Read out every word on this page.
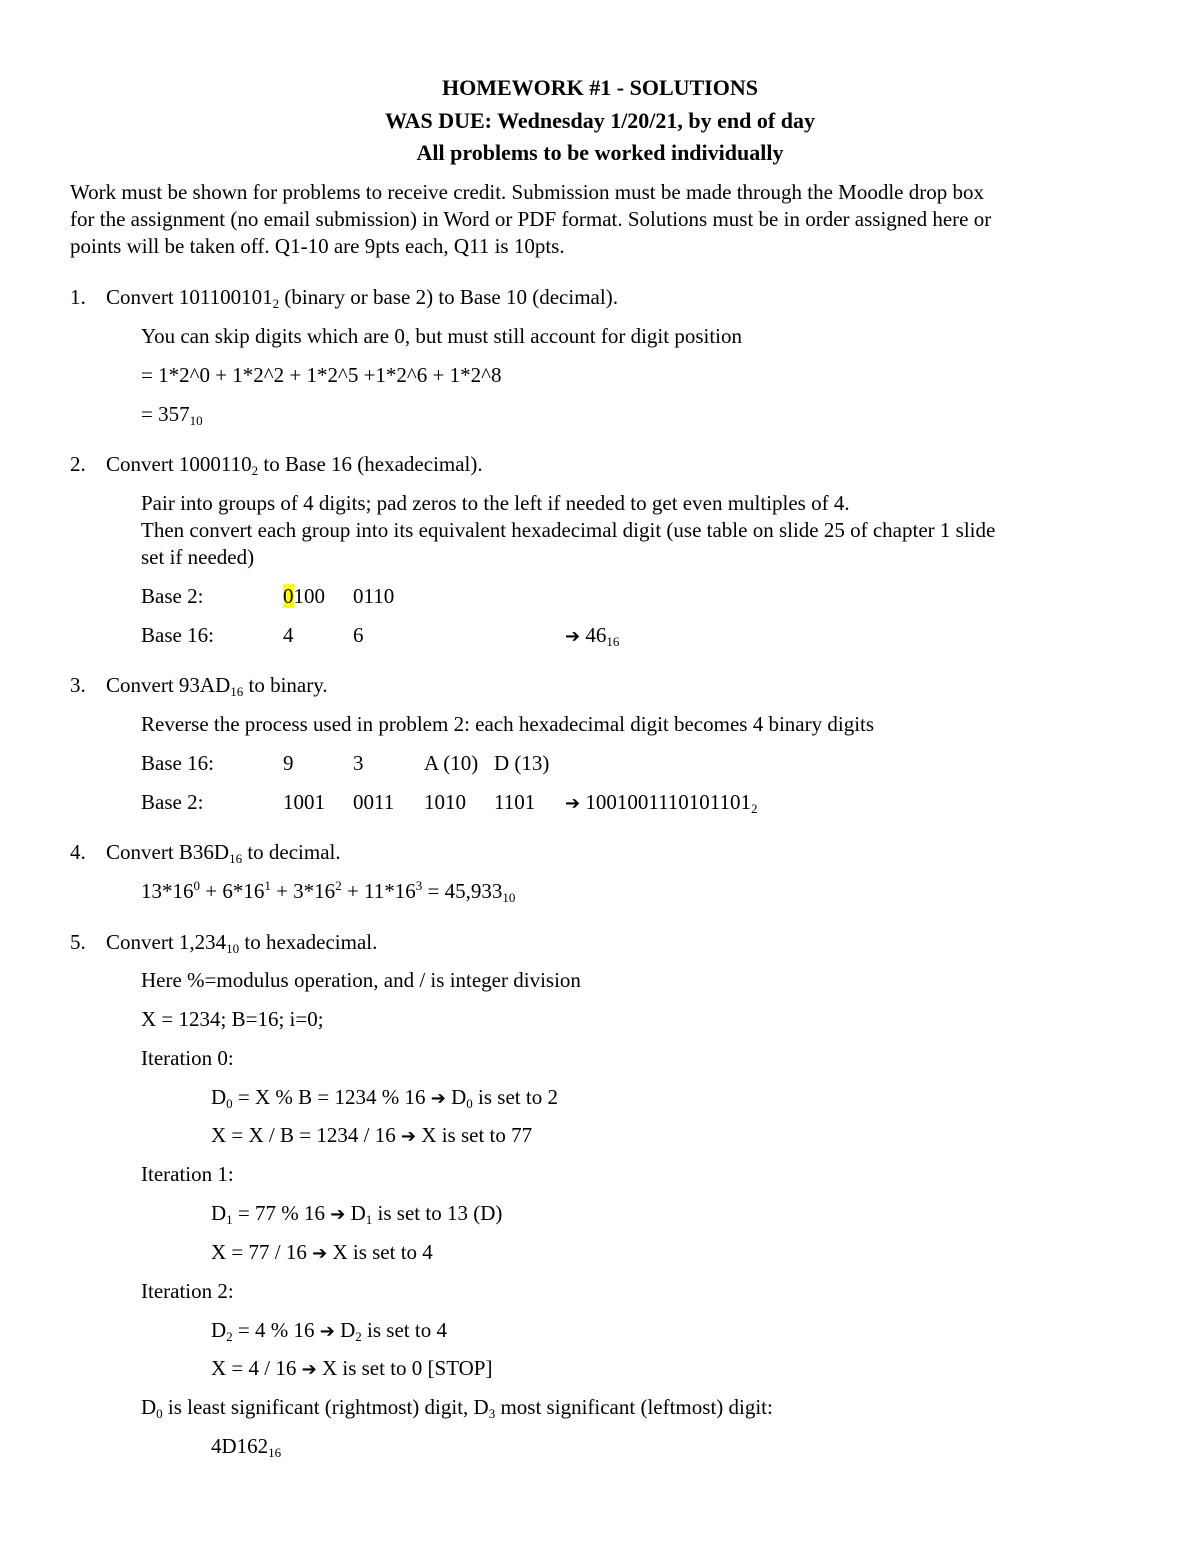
HOMEWORK #1 - SOLUTIONS
WAS DUE: Wednesday 1/20/21, by end of day
All problems to be worked individually
Work must be shown for problems to receive credit. Submission must be made through the Moodle drop box
for the assignment (no email submission) in Word or PDF format. Solutions must be in order assigned here or
points will be taken off. Q1-10 are 9pts each, Q11 is 10pts.
1. Convert $101100101_2$ (binary or base 2) to Base 10 (decimal).
You can skip digits which are 0, but must still account for digit position
= 1*2^0 + 1*2^2 + 1*2^5 +1*2^6 + 1*2^8
= $357_{10}$
2. Convert $1000110_2$ to Base 16 (hexadecimal).
Pair into groups of 4 digits; pad zeros to the left if needed to get even multiples of 4.
Then convert each group into its equivalent hexadecimal digit (use table on slide 25 of chapter 1 slide
set if needed)
Base 2:	0100 0110
Base 16:	4	6	➔ $46_{16}$
3. Convert $93AD_{16}$ to binary.
Reverse the process used in problem 2: each hexadecimal digit becomes 4 binary digits
Base 16:	9	3	A (10) D (13)
Base 2:	1001 0011 1010 1101 ➔ $1001001110101101_2$
4. Convert $B36D_{16}$ to decimal.
$13*16^0 + 6*16^1 + 3*16^2 + 11*16^3 = 45,933_{10}$
5. Convert $1,234_{10}$ to hexadecimal.
Here %=modulus operation, and / is integer division
X = 1234; B=16; i=0;
Iteration 0:
$D_0 = X$ % B = 1234 % 16 ➔ $D_0$ is set to 2
X = X / B = 1234 / 16 ➔ X is set to 77
Iteration 1:
$D_1 = 77$ % 16 ➔ $D_1$ is set to 13 (D)
X = 77 / 16 ➔ X is set to 4
Iteration 2:
$D_2 = 4$ % 16 ➔ $D_2$ is set to 4
X = 4 / 16 ➔ X is set to 0 [STOP]
$D_0$ is least significant (rightmost) digit, $D_3$ most significant (leftmost) digit:
$4D162_{16}$
